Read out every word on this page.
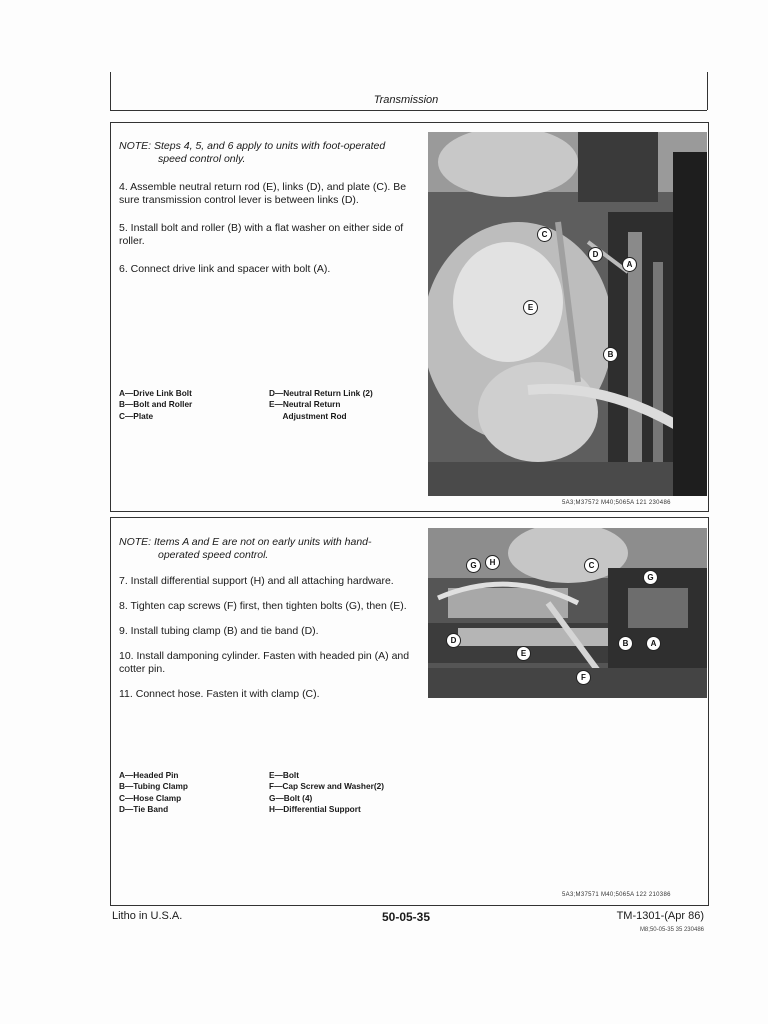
Transmission
NOTE: Steps 4, 5, and 6 apply to units with foot-operated
speed control only.
4. Assemble neutral return rod (E), links (D), and plate (C). Be sure transmission control lever is between links (D).
5. Install bolt and roller (B) with a flat washer on either side of roller.
6. Connect drive link and spacer with bolt (A).
A—Drive Link Bolt
B—Bolt and Roller
C—Plate
D—Neutral Return Link (2)
E—Neutral Return
Adjustment Rod
C
D
A
E
B
5A3;M37572 M40;5065A 121 230486
NOTE: Items A and E are not on early units with hand-
operated speed control.
7. Install differential support (H) and all attaching hardware.
8. Tighten cap screws (F) first, then tighten bolts (G), then (E).
9. Install tubing clamp (B) and tie band (D).
10. Install damponing cylinder. Fasten with headed pin (A) and cotter pin.
11. Connect hose. Fasten it with clamp (C).
A—Headed Pin
B—Tubing Clamp
C—Hose Clamp
D—Tie Band
E—Bolt
F—Cap Screw and Washer(2)
G—Bolt (4)
H—Differential Support
G	H	C
G
D
E
F
B	A
5A3;M37571 M40;5065A 122 210386
Litho in U.S.A.	50-05-35	TM-1301-(Apr 86)
M8;50-05-35 35 230486
